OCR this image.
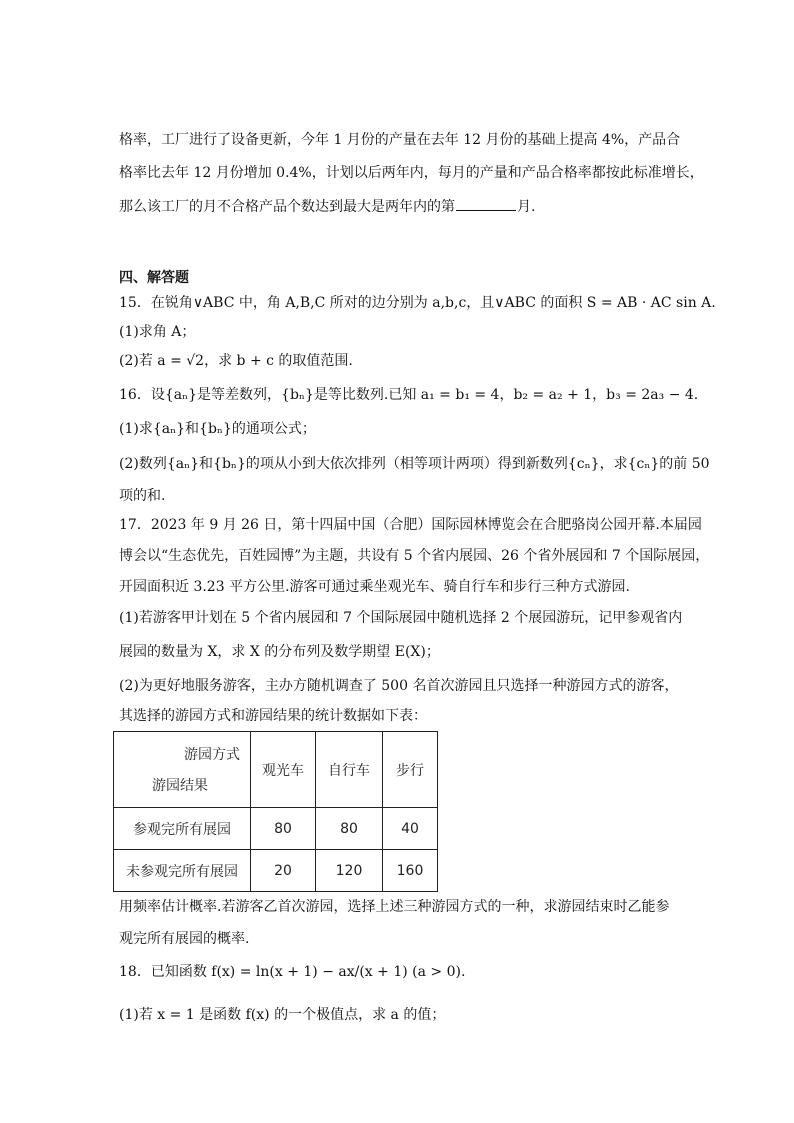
格率，工厂进行了设备更新，今年 1 月份的产量在去年 12 月份的基础上提高 4%，产品合
格率比去年 12 月份增加 0.4%，计划以后两年内，每月的产量和产品合格率都按此标准增长，
那么该工厂的月不合格产品个数达到最大是两年内的第	月.
四、解答题
15．在锐角∨ABC 中，角 A,B,C 所对的边分别为 a,b,c，且∨ABC 的面积 S = AB · AC sin A.
(1)求角 A；
(2)若 a = √2，求 b + c 的取值范围.
16．设{aₙ}是等差数列，{bₙ}是等比数列.已知 a₁ = b₁ = 4，b₂ = a₂ + 1，b₃ = 2a₃ − 4.
(1)求{aₙ}和{bₙ}的通项公式；
(2)数列{aₙ}和{bₙ}的项从小到大依次排列（相等项计两项）得到新数列{cₙ}，求{cₙ}的前 50
项的和.
17．2023 年 9 月 26 日，第十四届中国（合肥）国际园林博览会在合肥骆岗公园开幕.本届园
博会以“生态优先，百姓园博”为主题，共设有 5 个省内展园、26 个省外展园和 7 个国际展园，
开园面积近 3.23 平方公里.游客可通过乘坐观光车、骑自行车和步行三种方式游园.
(1)若游客甲计划在 5 个省内展园和 7 个国际展园中随机选择 2 个展园游玩，记甲参观省内
展园的数量为 X，求 X 的分布列及数学期望 E(X)；
(2)为更好地服务游客，主办方随机调查了 500 名首次游园且只选择一种游园方式的游客，
其选择的游园方式和游园结果的统计数据如下表：
游园方式
游园结果	观光车	自行车	步行
参观完所有展园	80	80	40
未参观完所有展园	20	120	160
用频率估计概率.若游客乙首次游园，选择上述三种游园方式的一种，求游园结束时乙能参
观完所有展园的概率.
18．已知函数 f(x) = ln(x + 1) − ax/(x + 1) (a > 0).
(1)若 x = 1 是函数 f(x) 的一个极值点，求 a 的值；
